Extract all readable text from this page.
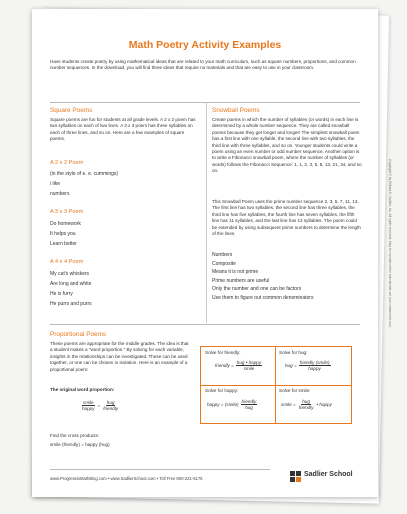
Math Poetry Activity Examples
Have students create poetry by using mathematical ideas that are related to your math curriculum, such as square numbers, proportions, and common number sequences. In the download, you will find three ideas that require no materials and that are easy to use in your classroom.
Square Poems
Square poems are fun for students at all grade levels. A 2 x 2 poem has two syllables on each of two lines. A 3 x 3 poem has three syllables on each of three lines, and so on. Here are a few examples of square poems.
A 2 x 2 Poem
(in the style of e. e. cummings)
i like
numbers
A 3 x 3 Poem
Do homework
It helps you
Learn better
A 4 x 4 Poem
My cat's whiskers
Are long and white
He is furry
He purrs and purrs
Snowball Poems
Create poems in which the number of syllables (or words) in each line is determined by a whole number sequence. They are called snowball poems because they get longer and longer! The simplest snowball poem has a first line with one syllable, the second line with two syllables, the third line with three syllables, and so on. Younger students could write a poem using an even number or odd number sequence. Another option is to write a Fibonacci snowball poem, where the number of syllables (or words) follows the Fibonacci Sequence: 1, 1, 2, 3, 5, 8, 13, 21, 34, and so on.
This Snowball Poem uses the prime number sequence 2, 3, 5, 7, 11, 13. The first line has two syllables, the second line has three syllables, the third line has five syllables, the fourth line has seven syllables, the fifth line has 11 syllables, and the last line has 13 syllables. The poem could be extended by using subsequent prime numbers to determine the length of the lines.
Numbers
Composite
Means it is not prime
Prime numbers are useful
Only the number and one can be factors
Use them to figure out common denominators
Proportional Poems
These poems are appropriate for the middle grades. The idea is that a student makes a "word proportion." By solving for each variable, insights in the relationships can be investigated. These can be used together, or one can be chosen in isolation. Here is an example of a proportional poem:
The original word proportion:
$\frac{\text{smile}}{\text{happy}} = \frac{\text{hug}}{\text{friendly}}$
Find the cross products:
smile (friendly) = happy (hug)
Solve for friendly:
friendly = $\frac{\text{hug • happy}}{\text{smile}}$
Solve for hug:
hug = $\frac{\text{friendly (smile)}}{\text{happy}}$
Solve for happy:
happy = (smile) $\frac{\text{friendly}}{\text{hug}}$
Solve for smile:
smile = $\frac{\text{hug}}{\text{friendly}}$ • happy
www.ProgressinMathBlog.com • www.SadlierSchool.com • Toll Free 800-221-5175
Sadlier School
Copyright © by William H. Sadlier, Inc. All rights reserved. May be reproduced for educational use (not commercial use).
